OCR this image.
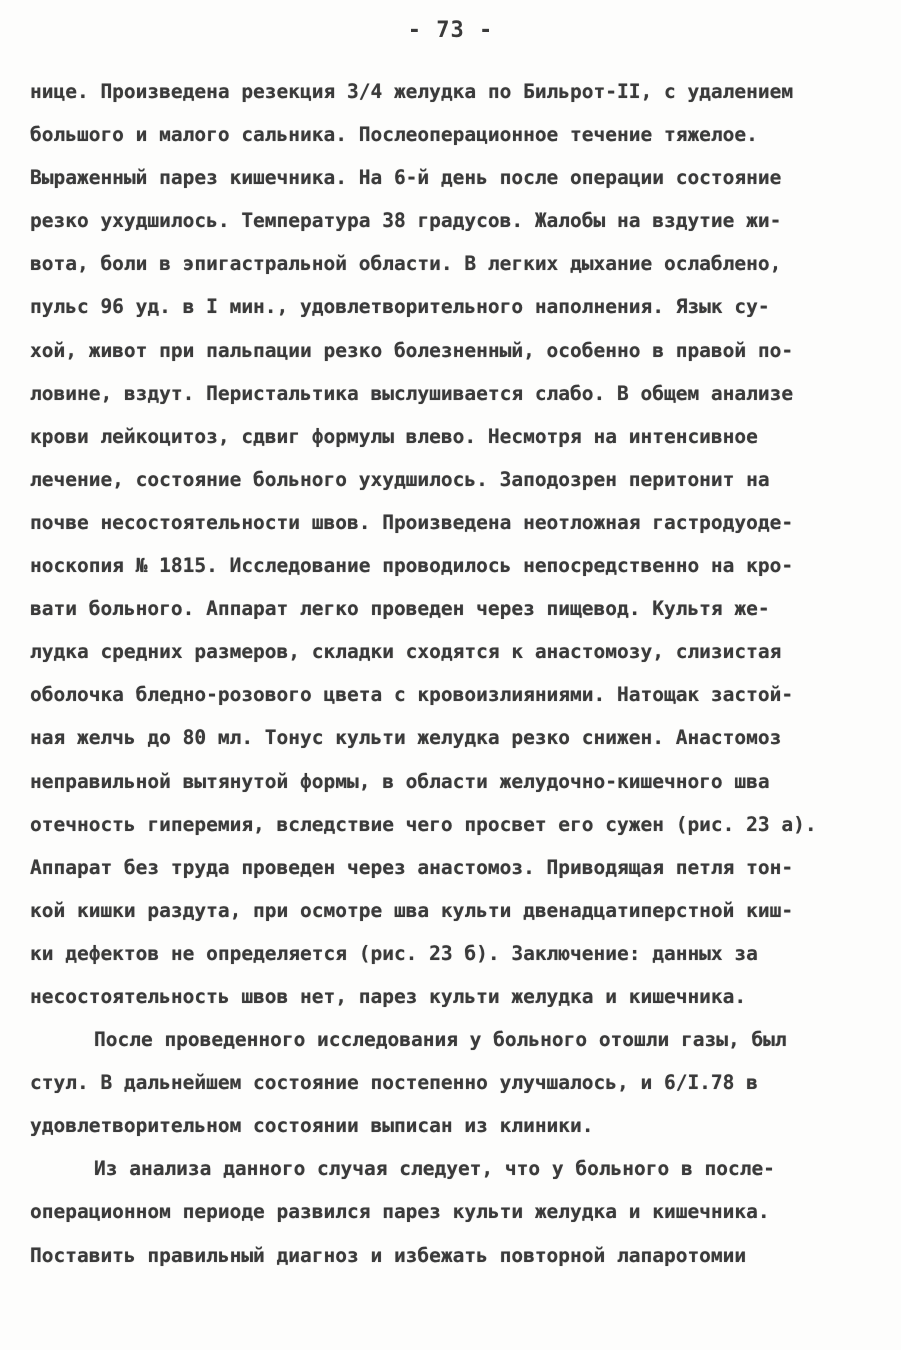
- 73 -
нице. Произведена резекция 3/4 желудка по Бильрот-II, с удалением
большого и малого сальника. Послеоперационное течение тяжелое.
Выраженный парез кишечника. На 6-й день после операции состояние
резко ухудшилось. Температура 38 градусов. Жалобы на вздутие жи-
вота, боли в эпигастральной области. В легких дыхание ослаблено,
пульс 96 уд. в I мин., удовлетворительного наполнения. Язык су-
хой, живот при пальпации резко болезненный, особенно в правой по-
ловине, вздут. Перистальтика выслушивается слабо. В общем анализе
крови лейкоцитоз, сдвиг формулы влево. Несмотря на интенсивное
лечение, состояние больного ухудшилось. Заподозрен перитонит на
почве несостоятельности швов. Произведена неотложная гастродуоде-
носкопия № 1815. Исследование проводилось непосредственно на кро-
вати больного. Аппарат легко проведен через пищевод. Культя же-
лудка средних размеров, складки сходятся к анастомозу, слизистая
оболочка бледно-розового цвета с кровоизлияниями. Натощак застой-
ная желчь до 80 мл. Тонус культи желудка резко снижен. Анастомоз
неправильной вытянутой формы, в области желудочно-кишечного шва
отечность гиперемия, вследствие чего просвет его сужен (рис. 23 а).
Аппарат без труда проведен через анастомоз. Приводящая петля тон-
кой кишки раздута, при осмотре шва культи двенадцатиперстной киш-
ки дефектов не определяется (рис. 23 б). Заключение: данных за
несостоятельность швов нет, парез культи желудка и кишечника.
После проведенного исследования у больного отошли газы, был
стул. В дальнейшем состояние постепенно улучшалось, и 6/I.78 в
удовлетворительном состоянии выписан из клиники.
Из анализа данного случая следует, что у больного в после-
операционном периоде развился парез культи желудка и кишечника.
Поставить правильный диагноз и избежать повторной лапаротомии
